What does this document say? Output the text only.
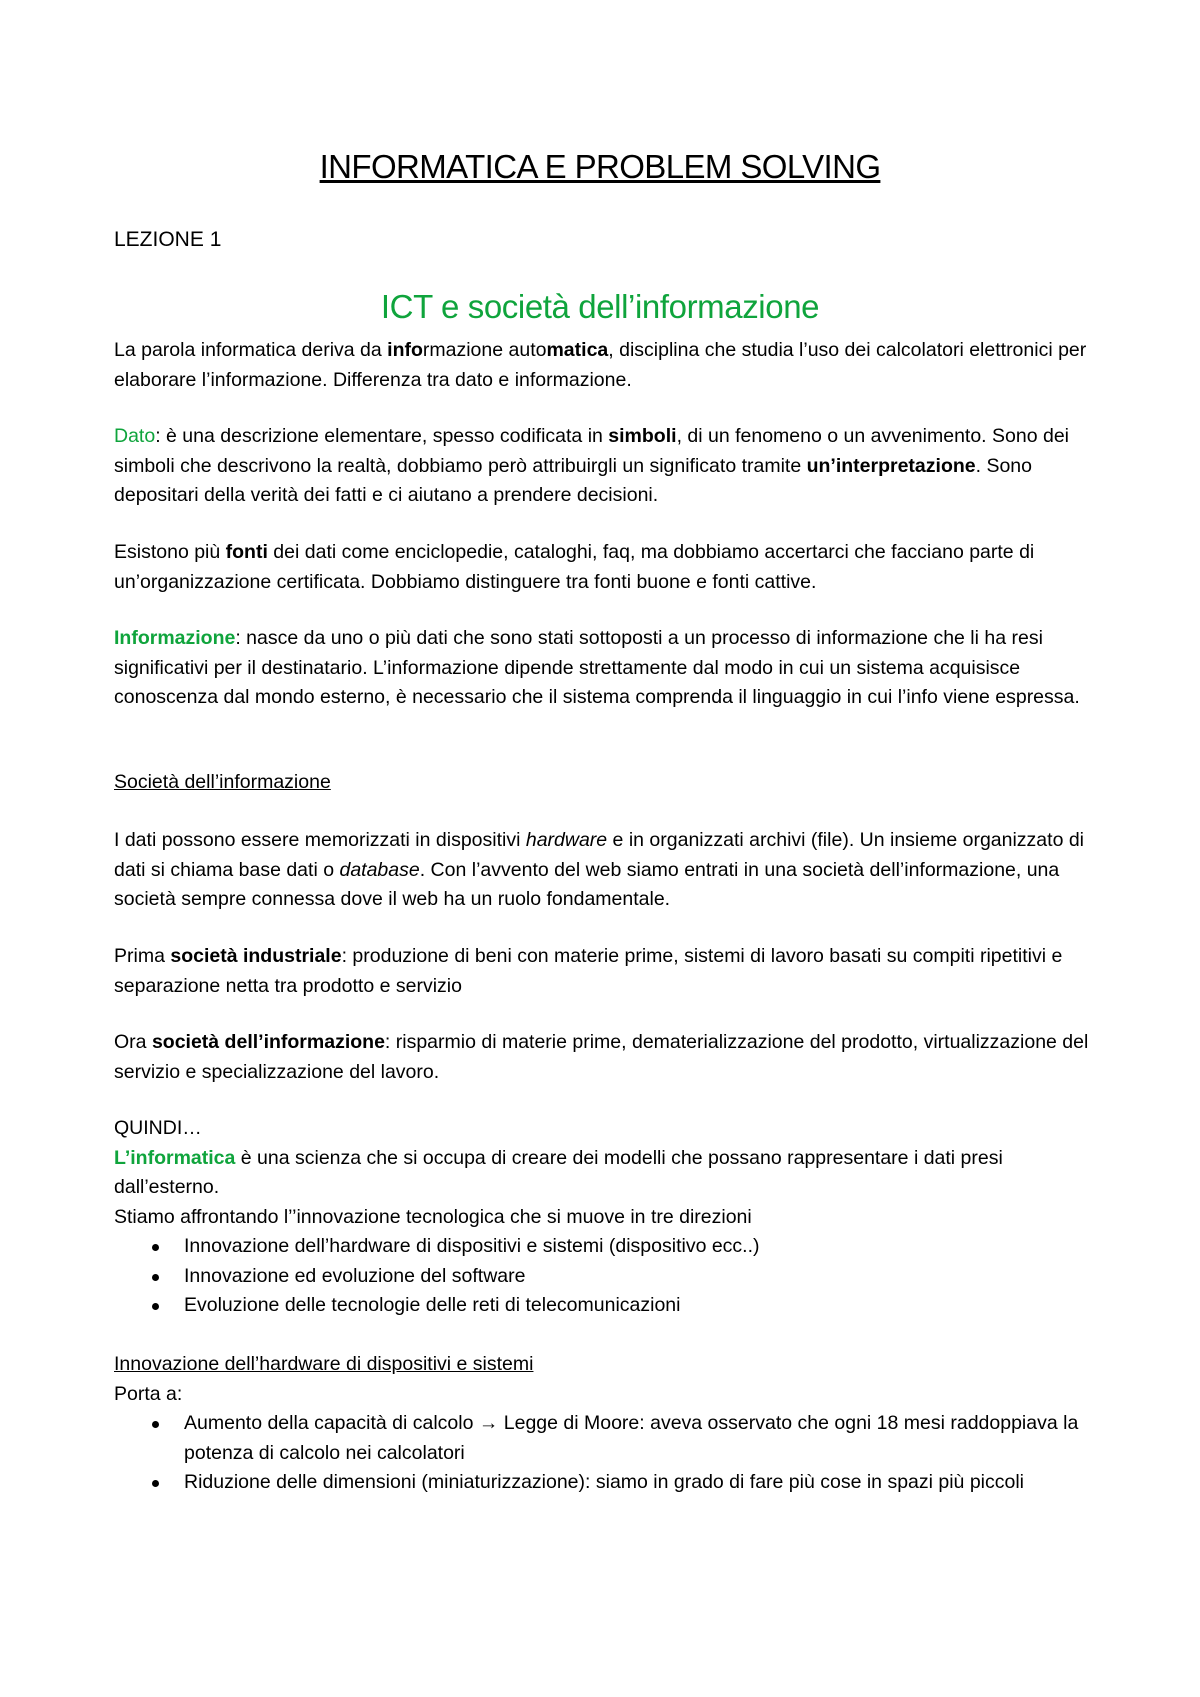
INFORMATICA E PROBLEM SOLVING

LEZIONE 1

ICT e società dell’informazione

La parola informatica deriva da informazione automatica, disciplina che studia l’uso dei calcolatori elettronici per elaborare l’informazione. Differenza tra dato e informazione.

Dato: è una descrizione elementare, spesso codificata in simboli, di un fenomeno o un avvenimento. Sono dei simboli che descrivono la realtà, dobbiamo però attribuirgli un significato tramite un’interpretazione. Sono depositari della verità dei fatti e ci aiutano a prendere decisioni.

Esistono più fonti dei dati come enciclopedie, cataloghi, faq, ma dobbiamo accertarci che facciano parte di un’organizzazione certificata. Dobbiamo distinguere tra fonti buone e fonti cattive.

Informazione: nasce da uno o più dati che sono stati sottoposti a un processo di informazione che li ha resi significativi per il destinatario. L’informazione dipende strettamente dal modo in cui un sistema acquisisce conoscenza dal mondo esterno, è necessario che il sistema comprenda il linguaggio in cui l’info viene espressa.

Società dell’informazione

I dati possono essere memorizzati in dispositivi hardware e in organizzati archivi (file). Un insieme organizzato di dati si chiama base dati o database. Con l’avvento del web siamo entrati in una società dell’informazione, una società sempre connessa dove il web ha un ruolo fondamentale.

Prima società industriale: produzione di beni con materie prime, sistemi di lavoro basati su compiti ripetitivi e separazione netta tra prodotto e servizio

Ora società dell’informazione: risparmio di materie prime, dematerializzazione del prodotto, virtualizzazione del servizio e specializzazione del lavoro.

QUINDI…

L’informatica è una scienza che si occupa di creare dei modelli che possano rappresentare i dati presi dall’esterno.

Stiamo affrontando l’’innovazione tecnologica che si muove in tre direzioni

Innovazione dell’hardware di dispositivi e sistemi (dispositivo ecc..)
Innovazione ed evoluzione del software
Evoluzione delle tecnologie delle reti di telecomunicazioni

Innovazione dell’hardware di dispositivi e sistemi

Porta a:

Aumento della capacità di calcolo → Legge di Moore: aveva osservato che ogni 18 mesi raddoppiava la potenza di calcolo nei calcolatori
Riduzione delle dimensioni (miniaturizzazione): siamo in grado di fare più cose in spazi più piccoli
